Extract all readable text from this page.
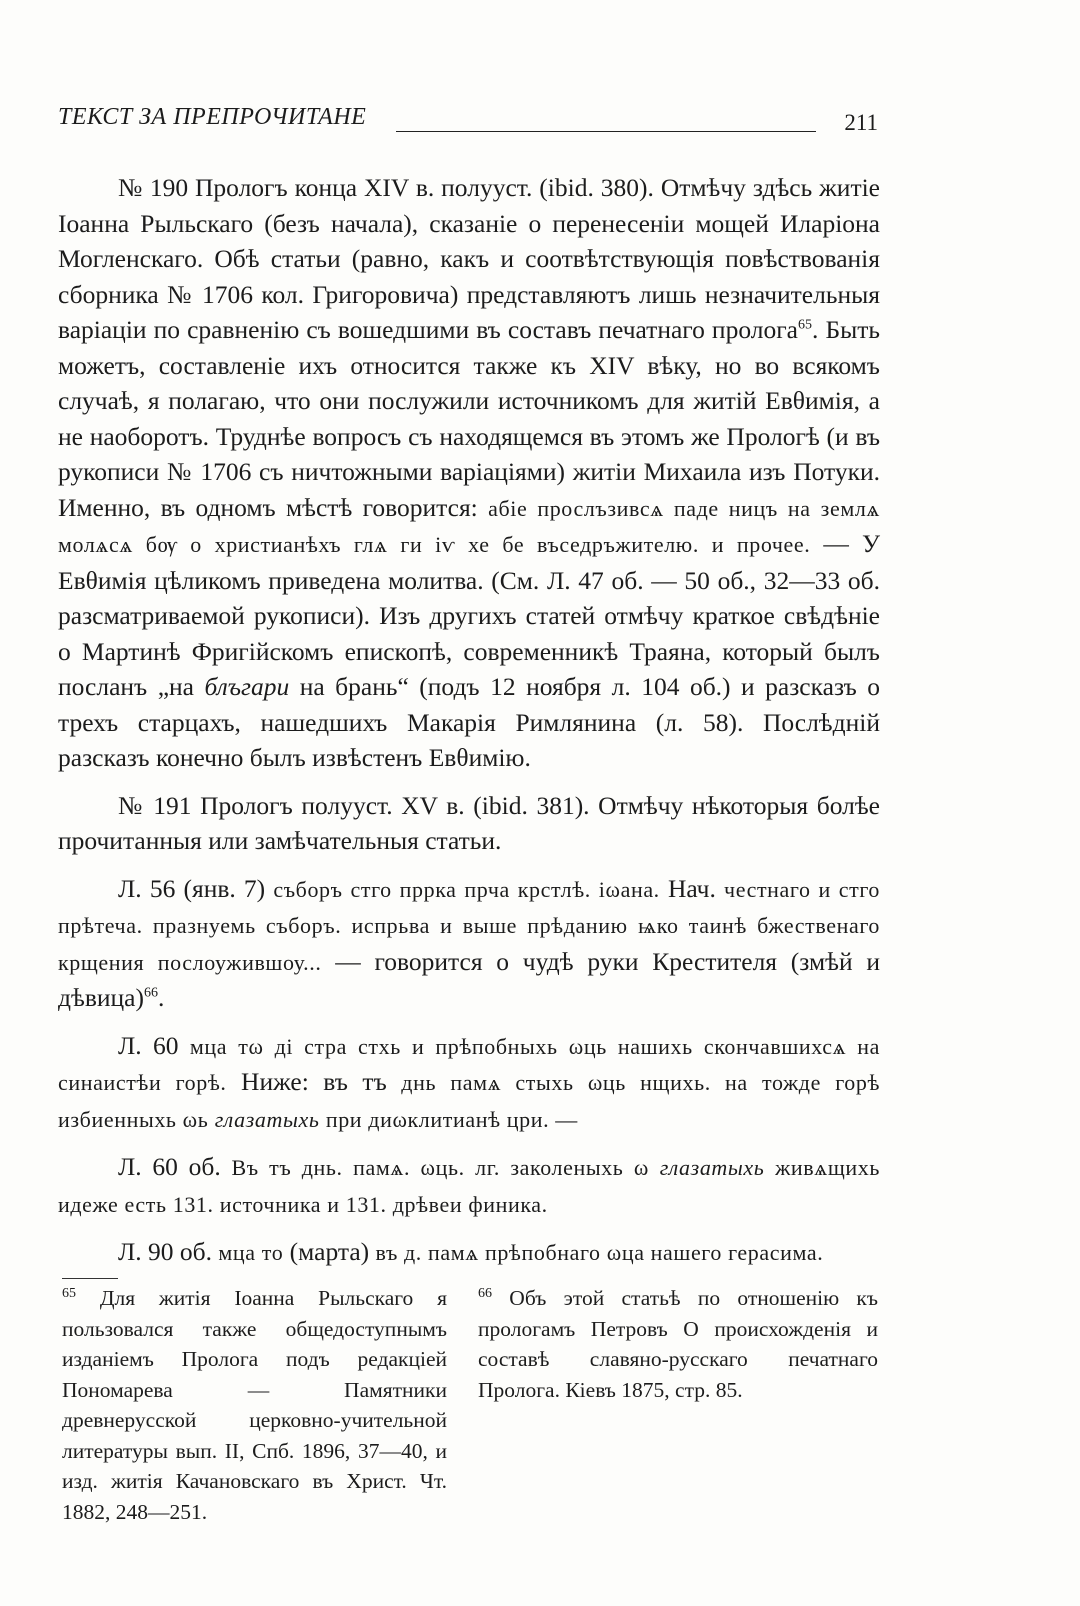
ТЕКСТ ЗА ПРЕПРОЧИТАНЕ	211

№ 190 Прологъ конца XIV в. полууст. (ibid. 380). Отмѣчу здѣсь житіе Іоанна Рыльскаго (безъ начала), сказаніе о перенесеніи мощей Иларіона Могленскаго. Обѣ статьи (равно, какъ и соотвѣтствующія повѣствованія сборника № 1706 кол. Григоровича) представляютъ лишь незначительныя варіаціи по сравненію съ вошедшими въ составъ печатнаго пролога$^{65}$. Быть можетъ, составленіе ихъ относится также къ XIV вѣку, но во всякомъ случаѣ, я полагаю, что они послужили источникомъ для житій Евθимія, а не наоборотъ. Труднѣе вопросъ съ находящемся въ этомъ же Прологѣ (и въ рукописи № 1706 съ ничтожными варіаціями) житіи Михаила изъ Потуки. Именно, въ одномъ мѣстѣ говорится: абіе прослъзивсѧ паде ницъ на землѧ молѧсѧ бѹ о христианѣхъ глѧ ги іѵ хе бе въседръжителю. и прочее. — У Евθимія цѣликомъ приведена молитва. (См. Л. 47 об. — 50 об., 32—33 об. разсматриваемой рукописи). Изъ другихъ статей отмѣчу краткое свѣдѣніе о Мартинѣ Фригійскомъ епископѣ, современникѣ Траяна, который былъ посланъ „на блъгари на брань“ (подъ 12 ноября л. 104 об.) и разсказъ о трехъ старцахъ, нашедшихъ Макарія Римлянина (л. 58). Послѣдній разсказъ конечно былъ извѣстенъ Евθимію.

№ 191 Прологъ полууст. XV в. (ibid. 381). Отмѣчу нѣкоторыя болѣе прочитанныя или замѣчательныя статьи.

Л. 56 (янв. 7) съборъ стго пррка прча крстлѣ. іωана. Нач. честнаго и стго прѣтеча. празнуемь съборъ. испрьва и выше прѣданию ѩко таинѣ бжественаго крщения послоужившоу... — говорится о чудѣ руки Крестителя (змѣй и дѣвица)$^{66}$.

Л. 60 мца тω ді стра стхь и прѣпобныхь ωць нашихь скончавшихсѧ на синаистѣи горѣ. Ниже: въ тъ днь памѧ стыхь ωць нщихь. на тожде горѣ избиенныхь ωь глазатыхь при диωклитианѣ цри. —

Л. 60 об. Въ тъ днь. памѧ. ωць. лг. заколеныхь ω глазатыхь живѧщихь идеже есть 131. источника и 131. дрѣвеи финика.

Л. 90 об. мца то (марта) въ д. памѧ прѣпобнаго ωца нашего герасима.

$^{65}$ Для житія Іоанна Рыльскаго я пользовался также общедоступнымъ изданіемъ Пролога подъ редакціей Пономарева — Памятники древнерусской церковно-учительной литературы вып. II, Спб. 1896, 37—40, и изд. житія Качановскаго въ Христ. Чт. 1882, 248—251.
$^{66}$ Объ этой статьѣ по отношенію къ прологамъ Петровъ О происхожденія и составѣ славяно-русскаго печатнаго Пролога. Кіевъ 1875, стр. 85.
